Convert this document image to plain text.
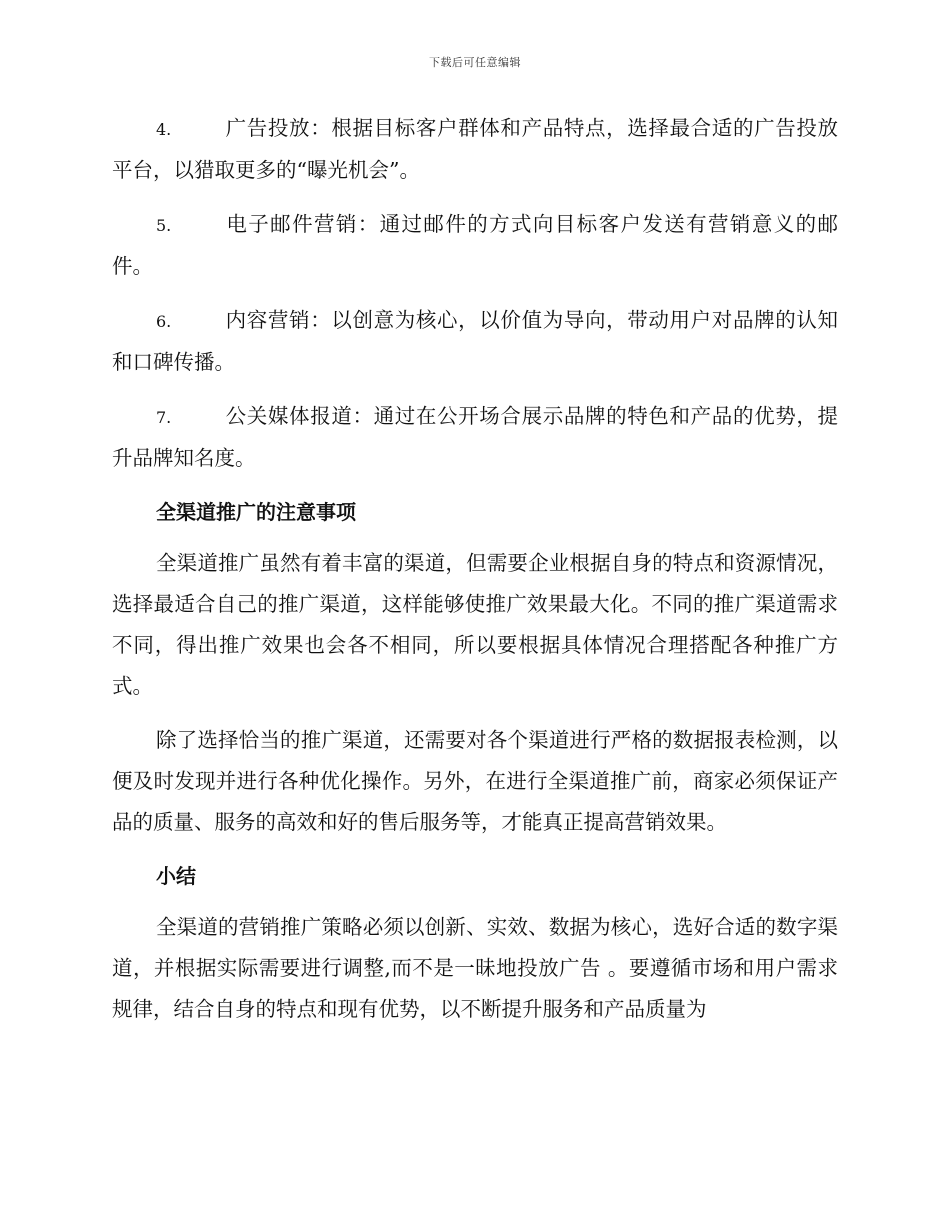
下载后可任意编辑
4.	广告投放：根据目标客户群体和产品特点，选择最合适的广告投放平台，以猎取更多的“曝光机会”。
5.	电子邮件营销：通过邮件的方式向目标客户发送有营销意义的邮件。
6.	内容营销：以创意为核心，以价值为导向，带动用户对品牌的认知和口碑传播。
7.	公关媒体报道：通过在公开场合展示品牌的特色和产品的优势，提升品牌知名度。
全渠道推广的注意事项

全渠道推广虽然有着丰富的渠道，但需要企业根据自身的特点和资源情况，选择最适合自己的推广渠道，这样能够使推广效果最大化。不同的推广渠道需求不同，得出推广效果也会各不相同，所以要根据具体情况合理搭配各种推广方式。

除了选择恰当的推广渠道，还需要对各个渠道进行严格的数据报表检测，以便及时发现并进行各种优化操作。另外，在进行全渠道推广前，商家必须保证产品的质量、服务的高效和好的售后服务等，才能真正提高营销效果。

小结

全渠道的营销推广策略必须以创新、实效、数据为核心，选好合适的数字渠道，并根据实际需要进行调整,而不是一昧地投放广告 。要遵循市场和用户需求规律，结合自身的特点和现有优势，以不断提升服务和产品质量为
